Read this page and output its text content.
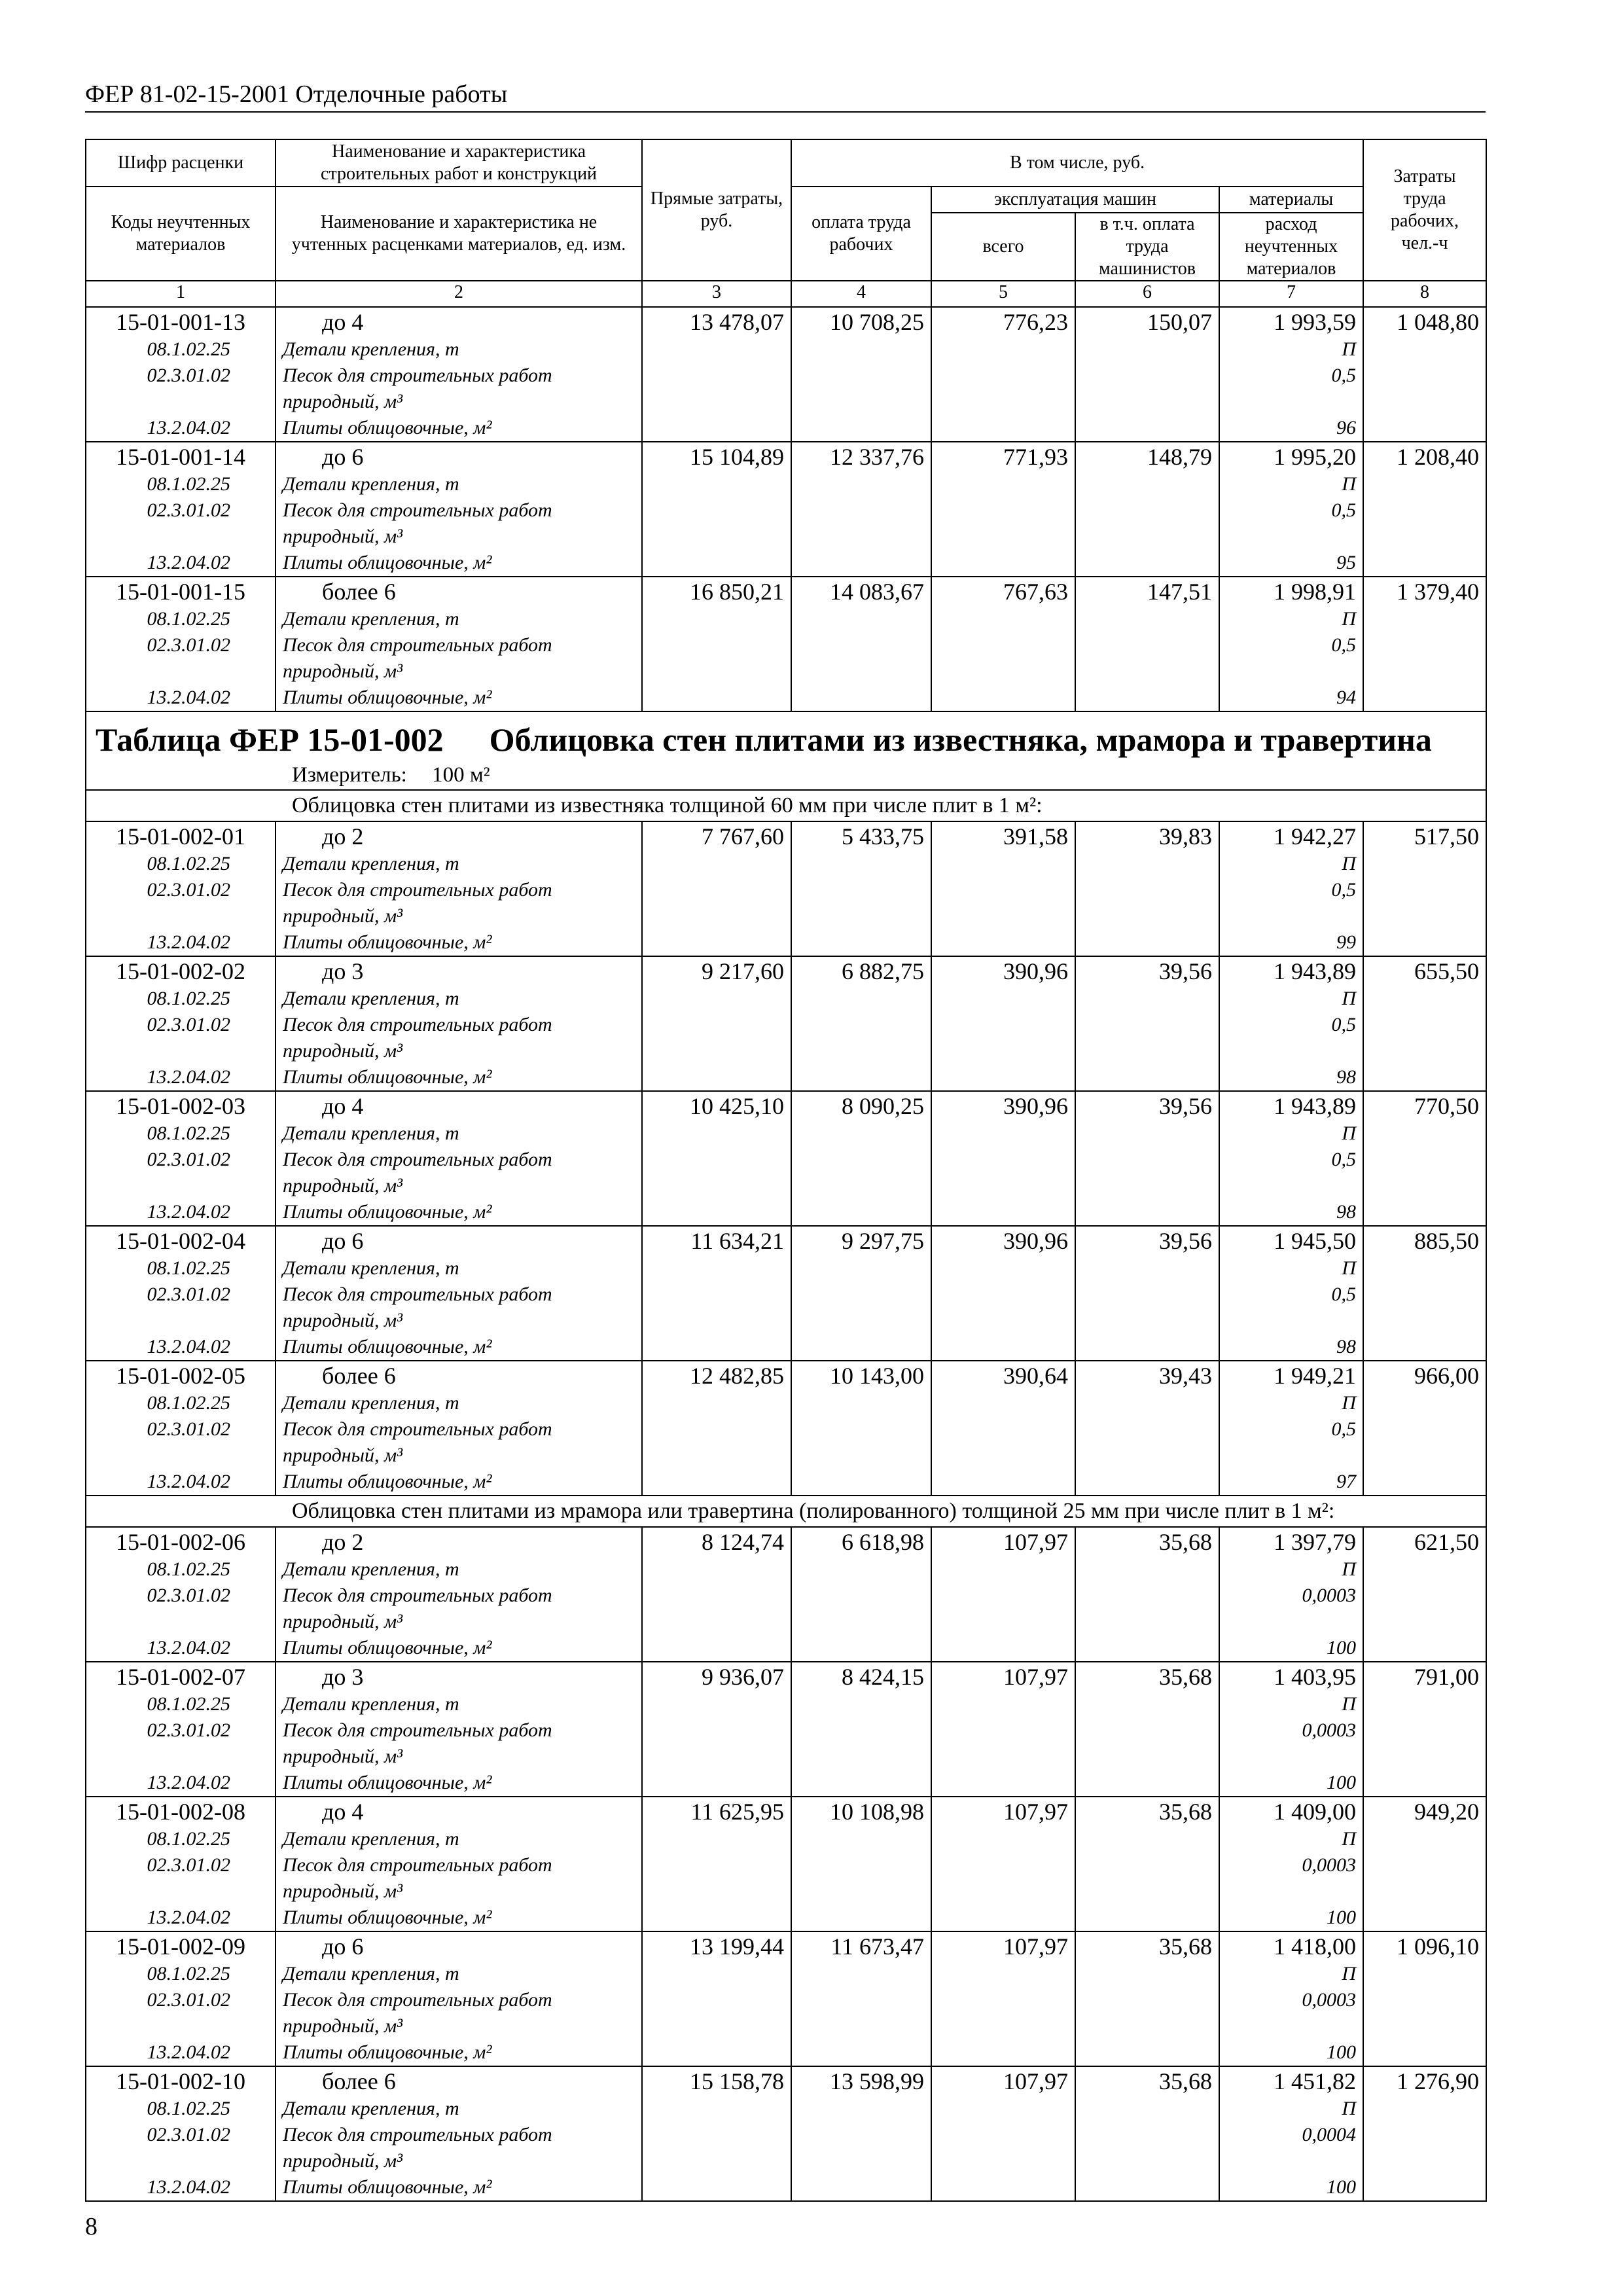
ФЕР 81-02-15-2001 Отделочные работы
Шифр расценки	Наименование и характеристика строительных работ и конструкций	Прямые затраты, руб.	В том числе, руб.				Затраты труда рабочих, чел.-ч
Коды неучтенных материалов	Наименование и характеристика не учтенных расценками материалов, ед. изм.		оплата труда рабочих	эксплуатация машин		материалы	
				всего	в т.ч. оплата труда машинистов	расход неучтенных материалов	
1	2	3	4	5	6	7	8
15-01-001-13	до 4	13 478,07	10 708,25	776,23	150,07	1 993,59	1 048,80
08.1.02.25	Детали крепления, т					П	
02.3.01.02	Песок для строительных работ					0,5	
	природный, м³						
13.2.04.02	Плиты облицовочные, м²					96	
15-01-001-14	до 6	15 104,89	12 337,76	771,93	148,79	1 995,20	1 208,40
08.1.02.25	Детали крепления, т					П	
02.3.01.02	Песок для строительных работ					0,5	
	природный, м³						
13.2.04.02	Плиты облицовочные, м²					95	
15-01-001-15	более 6	16 850,21	14 083,67	767,63	147,51	1 998,91	1 379,40
08.1.02.25	Детали крепления, т					П	
02.3.01.02	Песок для строительных работ					0,5	
	природный, м³						
13.2.04.02	Плиты облицовочные, м²					94	
Таблица ФЕР 15-01-002 Облицовка стен плитами из известняка, мрамора и травертина							
Измеритель: 100 м²							
Облицовка стен плитами из известняка толщиной 60 мм при числе плит в 1 м²:							
15-01-002-01	до 2	7 767,60	5 433,75	391,58	39,83	1 942,27	517,50
08.1.02.25	Детали крепления, т					П	
02.3.01.02	Песок для строительных работ					0,5	
	природный, м³						
13.2.04.02	Плиты облицовочные, м²					99	
15-01-002-02	до 3	9 217,60	6 882,75	390,96	39,56	1 943,89	655,50
08.1.02.25	Детали крепления, т					П	
02.3.01.02	Песок для строительных работ					0,5	
	природный, м³						
13.2.04.02	Плиты облицовочные, м²					98	
15-01-002-03	до 4	10 425,10	8 090,25	390,96	39,56	1 943,89	770,50
08.1.02.25	Детали крепления, т					П	
02.3.01.02	Песок для строительных работ					0,5	
	природный, м³						
13.2.04.02	Плиты облицовочные, м²					98	
15-01-002-04	до 6	11 634,21	9 297,75	390,96	39,56	1 945,50	885,50
08.1.02.25	Детали крепления, т					П	
02.3.01.02	Песок для строительных работ					0,5	
	природный, м³						
13.2.04.02	Плиты облицовочные, м²					98	
15-01-002-05	более 6	12 482,85	10 143,00	390,64	39,43	1 949,21	966,00
08.1.02.25	Детали крепления, т					П	
02.3.01.02	Песок для строительных работ					0,5	
	природный, м³						
13.2.04.02	Плиты облицовочные, м²					97	
Облицовка стен плитами из мрамора или травертина (полированного) толщиной 25 мм при числе плит в 1 м²:							
15-01-002-06	до 2	8 124,74	6 618,98	107,97	35,68	1 397,79	621,50
08.1.02.25	Детали крепления, т					П	
02.3.01.02	Песок для строительных работ					0,0003	
	природный, м³						
13.2.04.02	Плиты облицовочные, м²					100	
15-01-002-07	до 3	9 936,07	8 424,15	107,97	35,68	1 403,95	791,00
08.1.02.25	Детали крепления, т					П	
02.3.01.02	Песок для строительных работ					0,0003	
	природный, м³						
13.2.04.02	Плиты облицовочные, м²					100	
15-01-002-08	до 4	11 625,95	10 108,98	107,97	35,68	1 409,00	949,20
08.1.02.25	Детали крепления, т					П	
02.3.01.02	Песок для строительных работ					0,0003	
	природный, м³						
13.2.04.02	Плиты облицовочные, м²					100	
15-01-002-09	до 6	13 199,44	11 673,47	107,97	35,68	1 418,00	1 096,10
08.1.02.25	Детали крепления, т					П	
02.3.01.02	Песок для строительных работ					0,0003	
	природный, м³						
13.2.04.02	Плиты облицовочные, м²					100	
15-01-002-10	более 6	15 158,78	13 598,99	107,97	35,68	1 451,82	1 276,90
08.1.02.25	Детали крепления, т					П	
02.3.01.02	Песок для строительных работ					0,0004	
	природный, м³						
13.2.04.02	Плиты облицовочные, м²					100	
8
